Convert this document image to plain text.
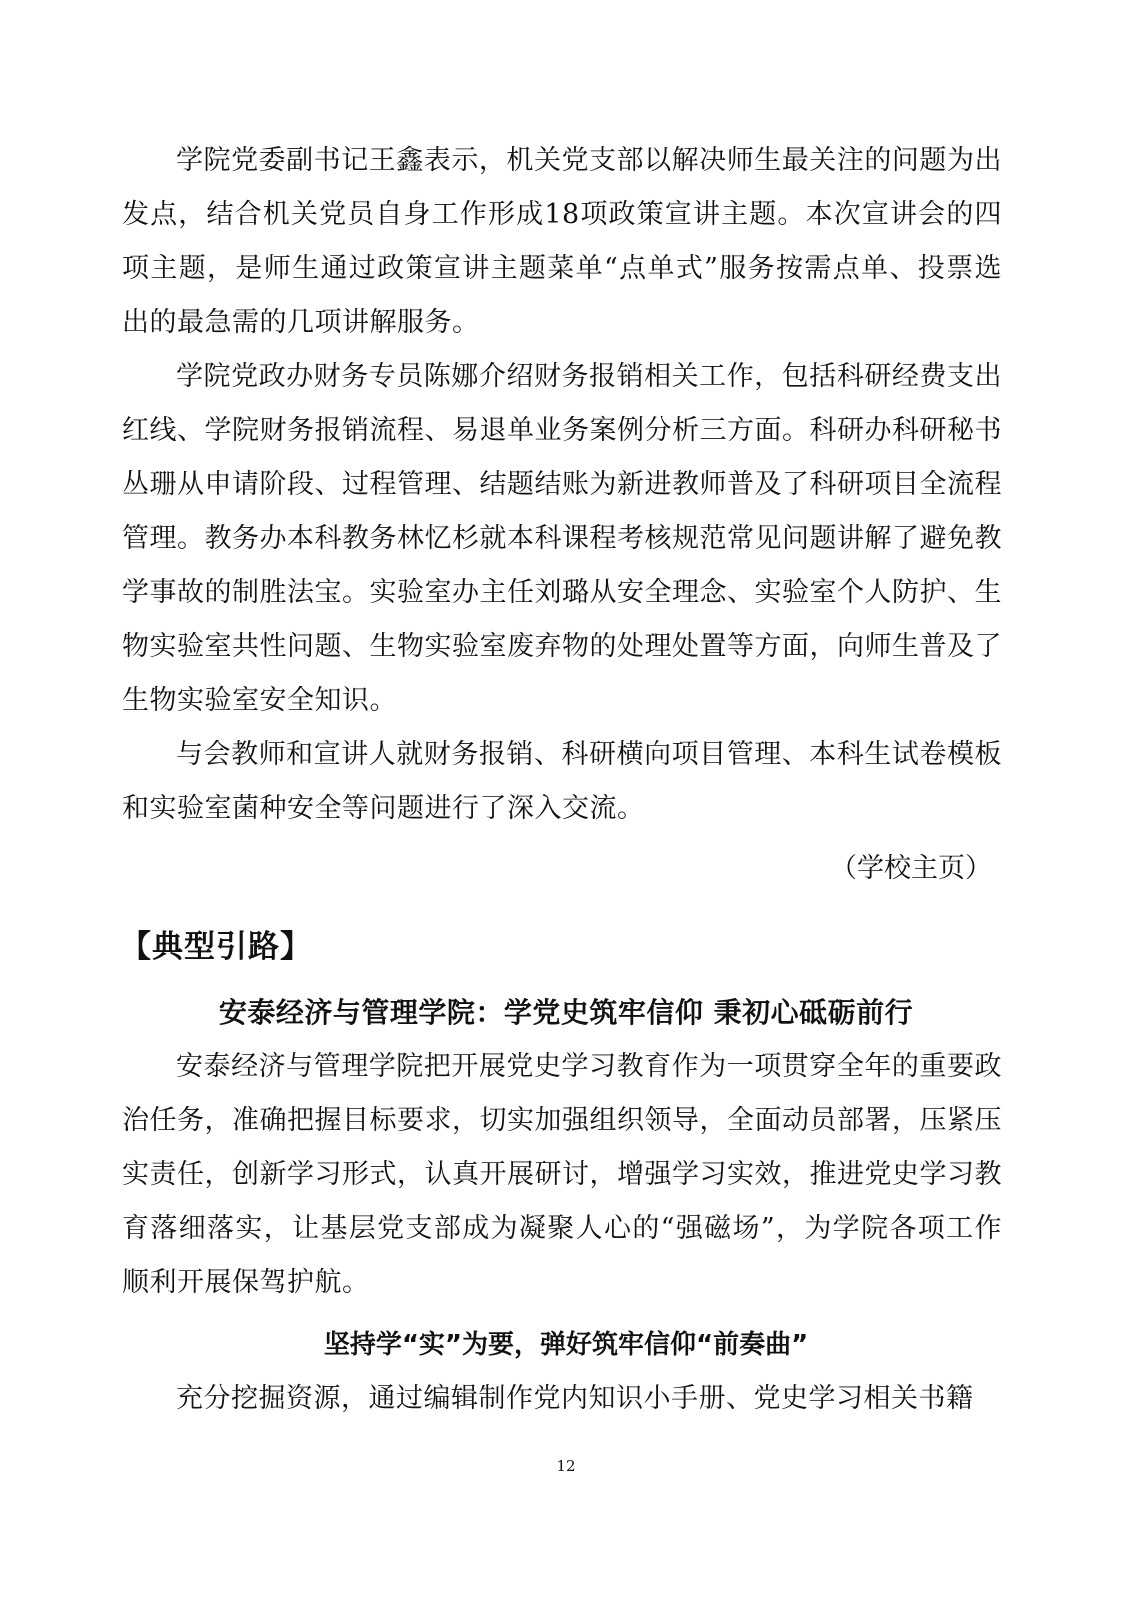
学院党委副书记王鑫表示，机关党支部以解决师生最关注的问题为出发点，结合机关党员自身工作形成18项政策宣讲主题。本次宣讲会的四项主题，是师生通过政策宣讲主题菜单“点单式”服务按需点单、投票选出的最急需的几项讲解服务。

学院党政办财务专员陈娜介绍财务报销相关工作，包括科研经费支出红线、学院财务报销流程、易退单业务案例分析三方面。科研办科研秘书丛珊从申请阶段、过程管理、结题结账为新进教师普及了科研项目全流程管理。教务办本科教务林忆杉就本科课程考核规范常见问题讲解了避免教学事故的制胜法宝。实验室办主任刘璐从安全理念、实验室个人防护、生物实验室共性问题、生物实验室废弃物的处理处置等方面，向师生普及了生物实验室安全知识。

与会教师和宣讲人就财务报销、科研横向项目管理、本科生试卷模板和实验室菌种安全等问题进行了深入交流。

（学校主页）

【典型引路】
安泰经济与管理学院：学党史筑牢信仰 秉初心砥砺前行

安泰经济与管理学院把开展党史学习教育作为一项贯穿全年的重要政治任务，准确把握目标要求，切实加强组织领导，全面动员部署，压紧压实责任，创新学习形式，认真开展研讨，增强学习实效，推进党史学习教育落细落实，让基层党支部成为凝聚人心的“强磁场”，为学院各项工作顺利开展保驾护航。

坚持学“实”为要，弹好筑牢信仰“前奏曲”

充分挖掘资源，通过编辑制作党内知识小手册、党史学习相关书籍

12
